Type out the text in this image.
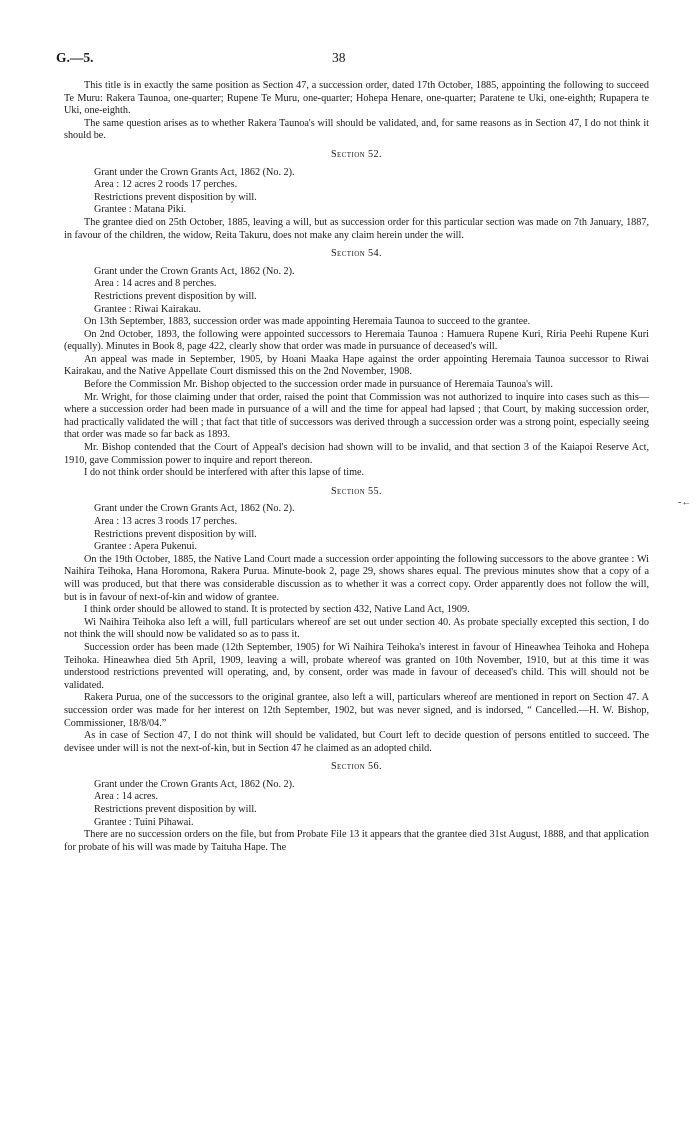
G.—5.	38

This title is in exactly the same position as Section 47, a succession order, dated 17th October, 1885, appointing the following to succeed Te Muru: Rakera Taunoa, one-quarter; Rupene Te Muru, one-quarter; Hohepa Henare, one-quarter; Paratene te Uki, one-eighth; Rupapera te Uki, one-eighth.

The same question arises as to whether Rakera Taunoa's will should be validated, and, for same reasons as in Section 47, I do not think it should be.

Section 52.

Grant under the Crown Grants Act, 1862 (No. 2).

Area : 12 acres 2 roods 17 perches.

Restrictions prevent disposition by will.

Grantee : Matana Piki.

The grantee died on 25th October, 1885, leaving a will, but as succession order for this particular section was made on 7th January, 1887, in favour of the children, the widow, Reita Takuru, does not make any claim herein under the will.

Section 54.

Grant under the Crown Grants Act, 1862 (No. 2).

Area : 14 acres and 8 perches.

Restrictions prevent disposition by will.

Grantee : Riwai Kairakau.

On 13th September, 1883, succession order was made appointing Heremaia Taunoa to succeed to the grantee.

On 2nd October, 1893, the following were appointed successors to Heremaia Taunoa : Hamuera Rupene Kuri, Riria Peehi Rupene Kuri (equally). Minutes in Book 8, page 422, clearly show that order was made in pursuance of deceased's will.

An appeal was made in September, 1905, by Hoani Maaka Hape against the order appointing Heremaia Taunoa successor to Riwai Kairakau, and the Native Appellate Court dismissed this on the 2nd November, 1908.

Before the Commission Mr. Bishop objected to the succession order made in pursuance of Heremaia Taunoa's will.

Mr. Wright, for those claiming under that order, raised the point that Commission was not authorized to inquire into cases such as this—where a succession order had been made in pursuance of a will and the time for appeal had lapsed ; that Court, by making succession order, had practically validated the will ; that fact that title of successors was derived through a succession order was a strong point, especially seeing that order was made so far back as 1893.

Mr. Bishop contended that the Court of Appeal's decision had shown will to be invalid, and that section 3 of the Kaiapoi Reserve Act, 1910, gave Commission power to inquire and report thereon.

I do not think order should be interfered with after this lapse of time.

Section 55.

Grant under the Crown Grants Act, 1862 (No. 2).

Area : 13 acres 3 roods 17 perches.

Restrictions prevent disposition by will.

Grantee : Apera Pukenui.

On the 19th October, 1885, the Native Land Court made a succession order appointing the following successors to the above grantee : Wi Naihira Teihoka, Hana Horomona, Rakera Purua. Minute-book 2, page 29, shows shares equal. The previous minutes show that a copy of a will was produced, but that there was considerable discussion as to whether it was a correct copy. Order apparently does not follow the will, but is in favour of next-of-kin and widow of grantee.

I think order should be allowed to stand. It is protected by section 432, Native Land Act, 1909.

Wi Naihira Teihoka also left a will, full particulars whereof are set out under section 40. As probate specially excepted this section, I do not think the will should now be validated so as to pass it.

Succession order has been made (12th September, 1905) for Wi Naihira Teihoka's interest in favour of Hineawhea Teihoka and Hohepa Teihoka. Hineawhea died 5th April, 1909, leaving a will, probate whereof was granted on 10th November, 1910, but at this time it was understood restrictions prevented will operating, and, by consent, order was made in favour of deceased's child. This will should not be validated.

Rakera Purua, one of the successors to the original grantee, also left a will, particulars whereof are mentioned in report on Section 47. A succession order was made for her interest on 12th September, 1902, but was never signed, and is indorsed, “ Cancelled.—H. W. Bishop, Commissioner, 18/8/04.”

As in case of Section 47, I do not think will should be validated, but Court left to decide question of persons entitled to succeed. The devisee under will is not the next-of-kin, but in Section 47 he claimed as an adopted child.

Section 56.

Grant under the Crown Grants Act, 1862 (No. 2).

Area : 14 acres.

Restrictions prevent disposition by will.

Grantee : Tuini Pihawai.

There are no succession orders on the file, but from Probate File 13 it appears that the grantee died 31st August, 1888, and that application for probate of his will was made by Taituha Hape. The

-←
